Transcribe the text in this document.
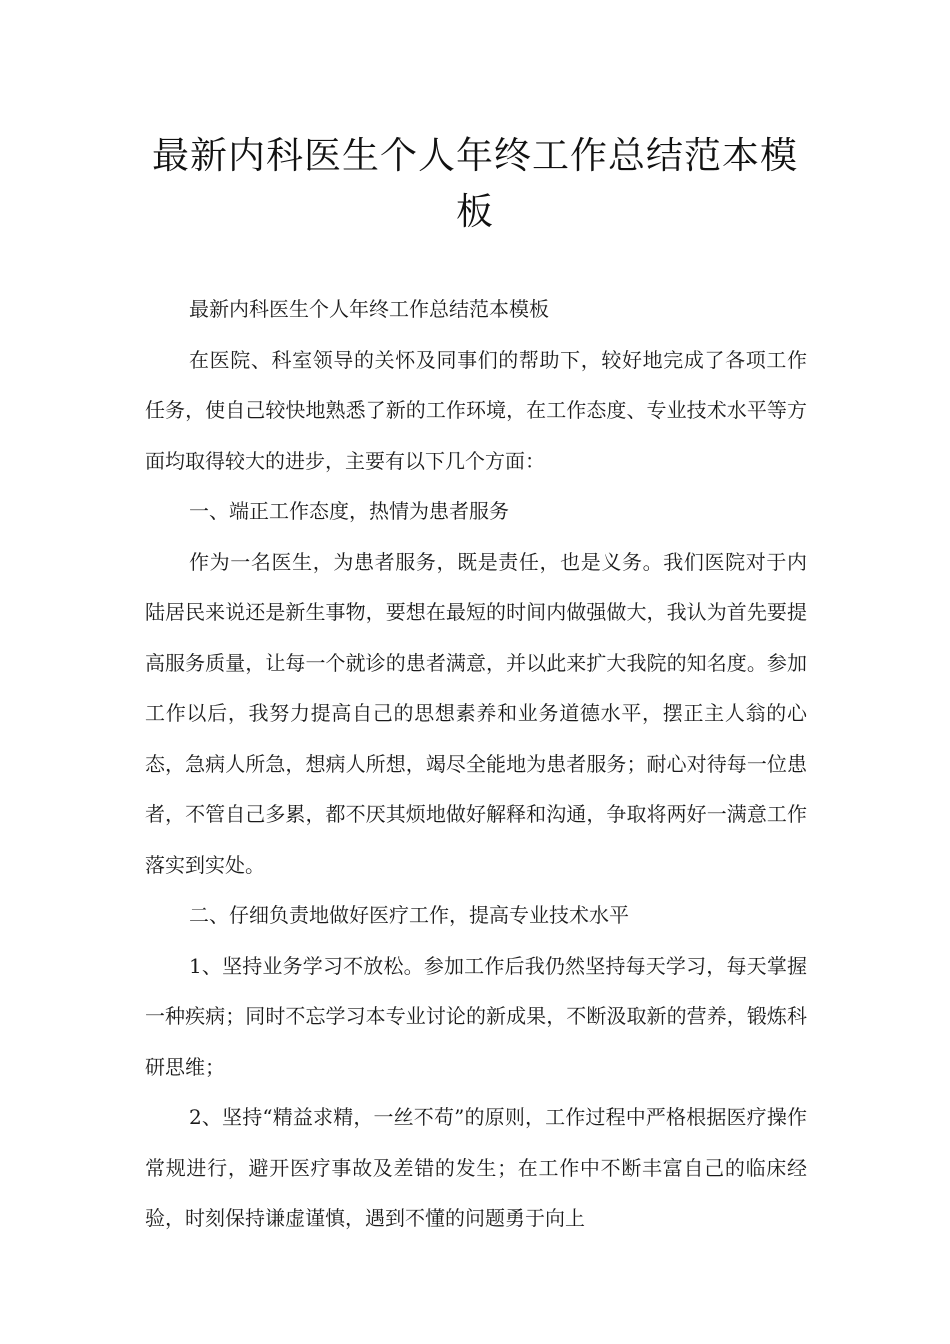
最新内科医生个人年终工作总结范本模板

最新内科医生个人年终工作总结范本模板

在医院、科室领导的关怀及同事们的帮助下，较好地完成了各项工作任务，使自己较快地熟悉了新的工作环境，在工作态度、专业技术水平等方面均取得较大的进步，主要有以下几个方面：

一、端正工作态度，热情为患者服务

作为一名医生，为患者服务，既是责任，也是义务。我们医院对于内陆居民来说还是新生事物，要想在最短的时间内做强做大，我认为首先要提高服务质量，让每一个就诊的患者满意，并以此来扩大我院的知名度。参加工作以后，我努力提高自己的思想素养和业务道德水平，摆正主人翁的心态，急病人所急，想病人所想，竭尽全能地为患者服务；耐心对待每一位患者，不管自己多累，都不厌其烦地做好解释和沟通，争取将两好一满意工作落实到实处。

二、仔细负责地做好医疗工作，提高专业技术水平

1、坚持业务学习不放松。参加工作后我仍然坚持每天学习，每天掌握一种疾病；同时不忘学习本专业讨论的新成果，不断汲取新的营养，锻炼科研思维；

2、坚持“精益求精，一丝不苟”的原则，工作过程中严格根据医疗操作常规进行，避开医疗事故及差错的发生；在工作中不断丰富自己的临床经验，时刻保持谦虚谨慎，遇到不懂的问题勇于向上
